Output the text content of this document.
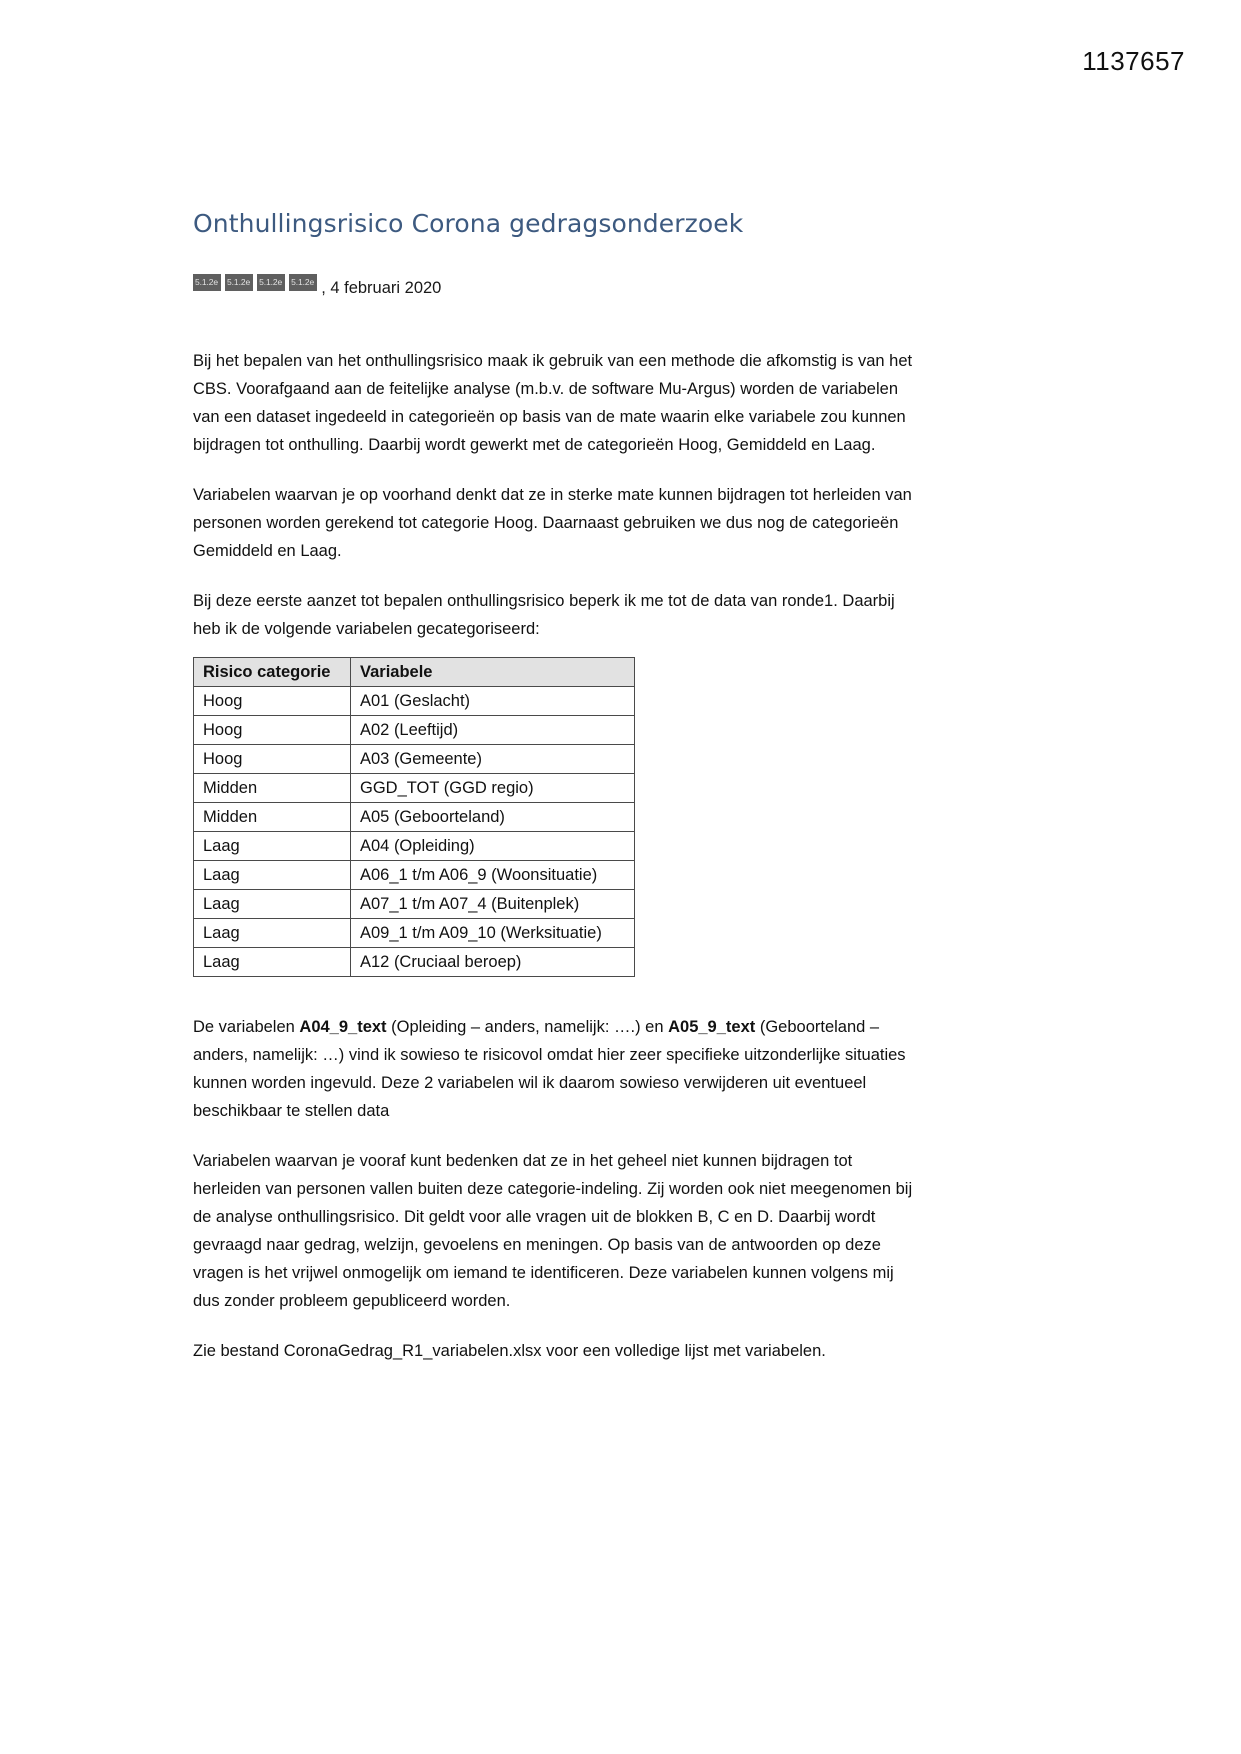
1137657
Onthullingsrisico Corona gedragsonderzoek
5.1.2e 5.1.2e 5.1.2e 5.1.2e , 4 februari 2020

Bij het bepalen van het onthullingsrisico maak ik gebruik van een methode die afkomstig is van het CBS. Voorafgaand aan de feitelijke analyse (m.b.v. de software Mu-Argus) worden de variabelen van een dataset ingedeeld in categorieën op basis van de mate waarin elke variabele zou kunnen bijdragen tot onthulling. Daarbij wordt gewerkt met de categorieën Hoog, Gemiddeld en Laag.

Variabelen waarvan je op voorhand denkt dat ze in sterke mate kunnen bijdragen tot herleiden van personen worden gerekend tot categorie Hoog. Daarnaast gebruiken we dus nog de categorieën Gemiddeld en Laag.

Bij deze eerste aanzet tot bepalen onthullingsrisico beperk ik me tot de data van ronde1. Daarbij heb ik de volgende variabelen gecategoriseerd:

Risico categorie	Variabele
Hoog	A01 (Geslacht)
Hoog	A02 (Leeftijd)
Hoog	A03 (Gemeente)
Midden	GGD_TOT (GGD regio)
Midden	A05 (Geboorteland)
Laag	A04 (Opleiding)
Laag	A06_1 t/m A06_9 (Woonsituatie)
Laag	A07_1 t/m A07_4 (Buitenplek)
Laag	A09_1 t/m A09_10 (Werksituatie)
Laag	A12 (Cruciaal beroep)

De variabelen A04_9_text (Opleiding – anders, namelijk: ….) en A05_9_text (Geboorteland – anders, namelijk: …) vind ik sowieso te risicovol omdat hier zeer specifieke uitzonderlijke situaties kunnen worden ingevuld. Deze 2 variabelen wil ik daarom sowieso verwijderen uit eventueel beschikbaar te stellen data

Variabelen waarvan je vooraf kunt bedenken dat ze in het geheel niet kunnen bijdragen tot herleiden van personen vallen buiten deze categorie-indeling. Zij worden ook niet meegenomen bij de analyse onthullingsrisico. Dit geldt voor alle vragen uit de blokken B, C en D. Daarbij wordt gevraagd naar gedrag, welzijn, gevoelens en meningen. Op basis van de antwoorden op deze vragen is het vrijwel onmogelijk om iemand te identificeren. Deze variabelen kunnen volgens mij dus zonder probleem gepubliceerd worden.

Zie bestand CoronaGedrag_R1_variabelen.xlsx voor een volledige lijst met variabelen.
